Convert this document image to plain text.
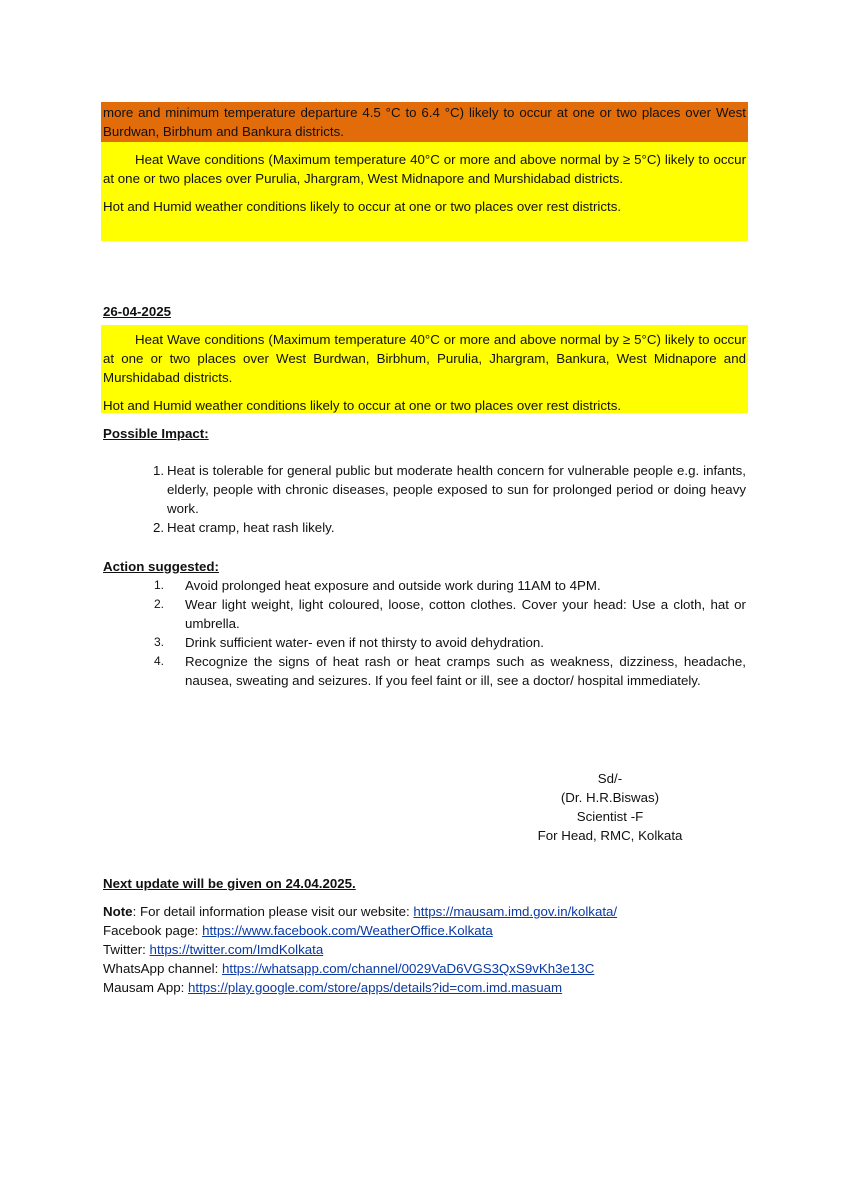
more and minimum temperature departure 4.5 °C to 6.4 °C) likely to occur at one or two places over West Burdwan, Birbhum and Bankura districts.

Heat Wave conditions (Maximum temperature 40°C or more and above normal by ≥ 5°C) likely to occur at one or two places over Purulia, Jhargram, West Midnapore and Murshidabad districts.

Hot and Humid weather conditions likely to occur at one or two places over rest districts.

26-04-2025

Heat Wave conditions (Maximum temperature 40°C or more and above normal by ≥ 5°C) likely to occur at one or two places over West Burdwan, Birbhum, Purulia, Jhargram, Bankura, West Midnapore and Murshidabad districts.

Hot and Humid weather conditions likely to occur at one or two places over rest districts.

Possible Impact:
1. Heat is tolerable for general public but moderate health concern for vulnerable people e.g. infants, elderly, people with chronic diseases, people exposed to sun for prolonged period or doing heavy work.
2. Heat cramp, heat rash likely.
Action suggested:
1. Avoid prolonged heat exposure and outside work during 11AM to 4PM.
2. Wear light weight, light coloured, loose, cotton clothes. Cover your head: Use a cloth, hat or umbrella.
3. Drink sufficient water- even if not thirsty to avoid dehydration.
4. Recognize the signs of heat rash or heat cramps such as weakness, dizziness, headache, nausea, sweating and seizures. If you feel faint or ill, see a doctor/ hospital immediately.
Sd/-
(Dr. H.R.Biswas)
Scientist -F
For Head, RMC, Kolkata
Next update will be given on 24.04.2025.
Note: For detail information please visit our website: https://mausam.imd.gov.in/kolkata/
Facebook page: https://www.facebook.com/WeatherOffice.Kolkata
Twitter: https://twitter.com/ImdKolkata
WhatsApp channel: https://whatsapp.com/channel/0029VaD6VGS3QxS9vKh3e13C
Mausam App: https://play.google.com/store/apps/details?id=com.imd.masuam
